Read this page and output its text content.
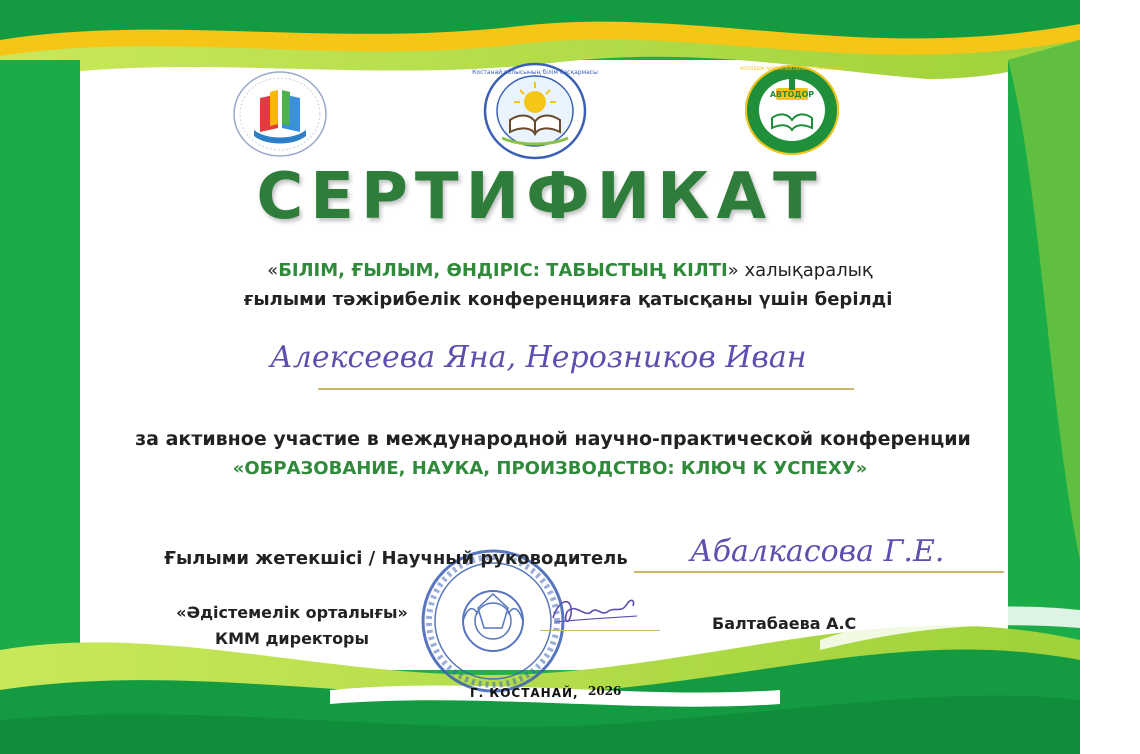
Костанай облысының білім басқармасы
АВТОДОР
КОЛЛЕДЖ АВТОМОБИЛЬНОГО ТРАНСПОРТА
СЕРТИФИКАТ
«БІЛІМ, ҒЫЛЫМ, ӨНДІРІС: ТАБЫСТЫҢ КІЛТІ» халықаралық
ғылыми тәжірибелік конференцияға қатысқаны үшін берілді
Алексеева Яна, Нерозников Иван
за активное участие в международной научно-практической конференции
«ОБРАЗОВАНИЕ, НАУКА, ПРОИЗВОДСТВО: КЛЮЧ К УСПЕХУ»
Ғылыми жетекшісі / Научный руководитель Абалкасова Г.Е.
«Әдістемелік орталығы»
КММ директоры
Балтабаева А.С
Г. КОСТАНАЙ, 2026
